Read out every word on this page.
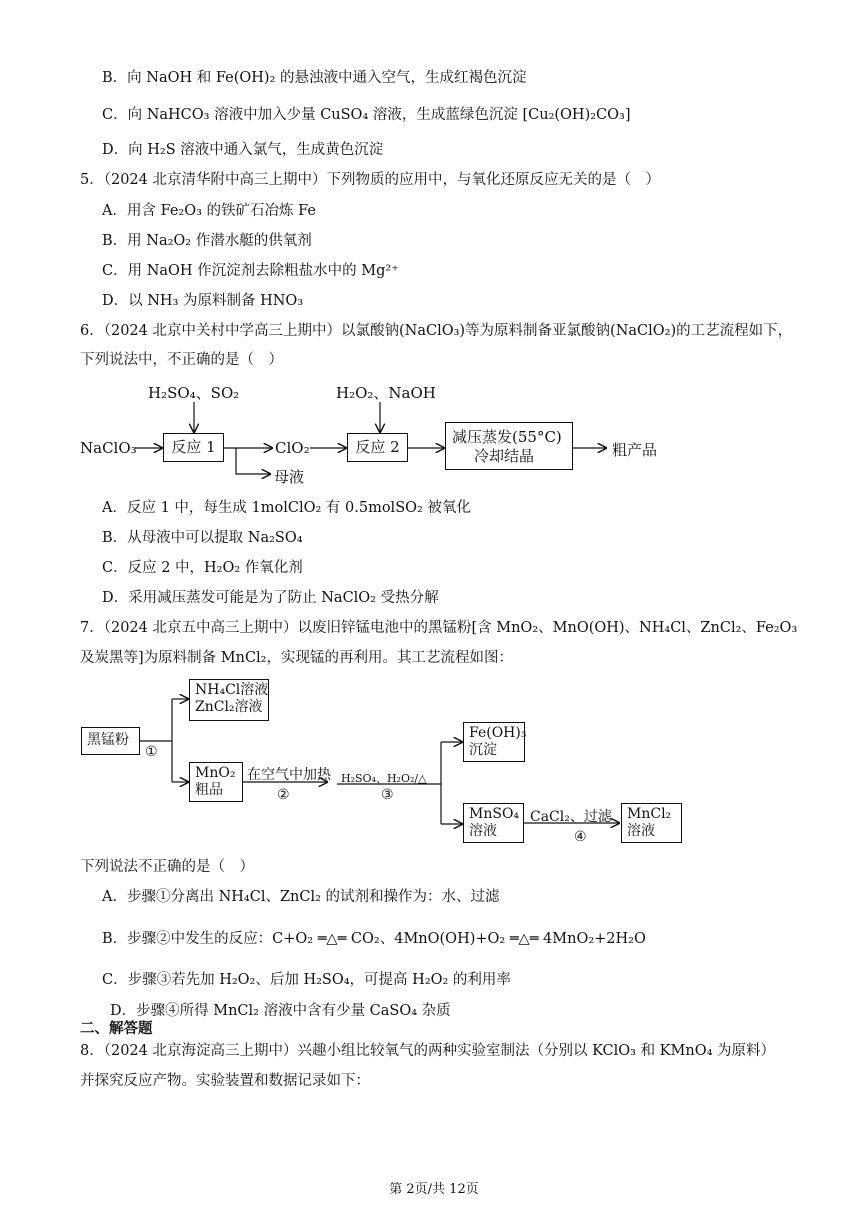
B．向 NaOH 和 Fe(OH)₂ 的悬浊液中通入空气，生成红褐色沉淀
C．向 NaHCO₃ 溶液中加入少量 CuSO₄ 溶液，生成蓝绿色沉淀 [Cu₂(OH)₂CO₃]
D．向 H₂S 溶液中通入氯气，生成黄色沉淀
5．（2024 北京清华附中高三上期中）下列物质的应用中，与氧化还原反应无关的是（　）
A．用含 Fe₂O₃ 的铁矿石冶炼 Fe
B．用 Na₂O₂ 作潜水艇的供氧剂
C．用 NaOH 作沉淀剂去除粗盐水中的 Mg²⁺
D．以 NH₃ 为原料制备 HNO₃
6．（2024 北京中关村中学高三上期中）以氯酸钠(NaClO₃)等为原料制备亚氯酸钠(NaClO₂)的工艺流程如下，
下列说法中，不正确的是（　）
H₂SO₄、SO₂	H₂O₂、NaOH
NaClO₃	反应 1	ClO₂
母液
反应 2
减压蒸发(55°C)
冷却结晶	粗产品
A．反应 1 中，每生成 1molClO₂ 有 0.5molSO₂ 被氧化
B．从母液中可以提取 Na₂SO₄
C．反应 2 中，H₂O₂ 作氧化剂
D．采用减压蒸发可能是为了防止 NaClO₂ 受热分解
7．（2024 北京五中高三上期中）以废旧锌锰电池中的黑锰粉[含 MnO₂、MnO(OH)、NH₄Cl、ZnCl₂、Fe₂O₃
及炭黑等]为原料制备 MnCl₂，实现锰的再利用。其工艺流程如图：
黑锰粉
①
NH₄Cl溶液
ZnCl₂溶液
MnO₂
粗品
在空气中加热
②
H₂SO₄、H₂O₂/△
③
Fe(OH)₃
沉淀
MnSO₄
溶液
CaCl₂、过滤
④
MnCl₂
溶液
下列说法不正确的是（　）
A．步骤①分离出 NH₄Cl、ZnCl₂ 的试剂和操作为：水、过滤
B．步骤②中发生的反应：C+O₂ ═△═ CO₂、4MnO(OH)+O₂ ═△═ 4MnO₂+2H₂O
C．步骤③若先加 H₂O₂、后加 H₂SO₄，可提高 H₂O₂ 的利用率
D．步骤④所得 MnCl₂ 溶液中含有少量 CaSO₄ 杂质
二、解答题
8．（2024 北京海淀高三上期中）兴趣小组比较氧气的两种实验室制法（分别以 KClO₃ 和 KMnO₄ 为原料）
并探究反应产物。实验装置和数据记录如下：
第 2页/共 12页
